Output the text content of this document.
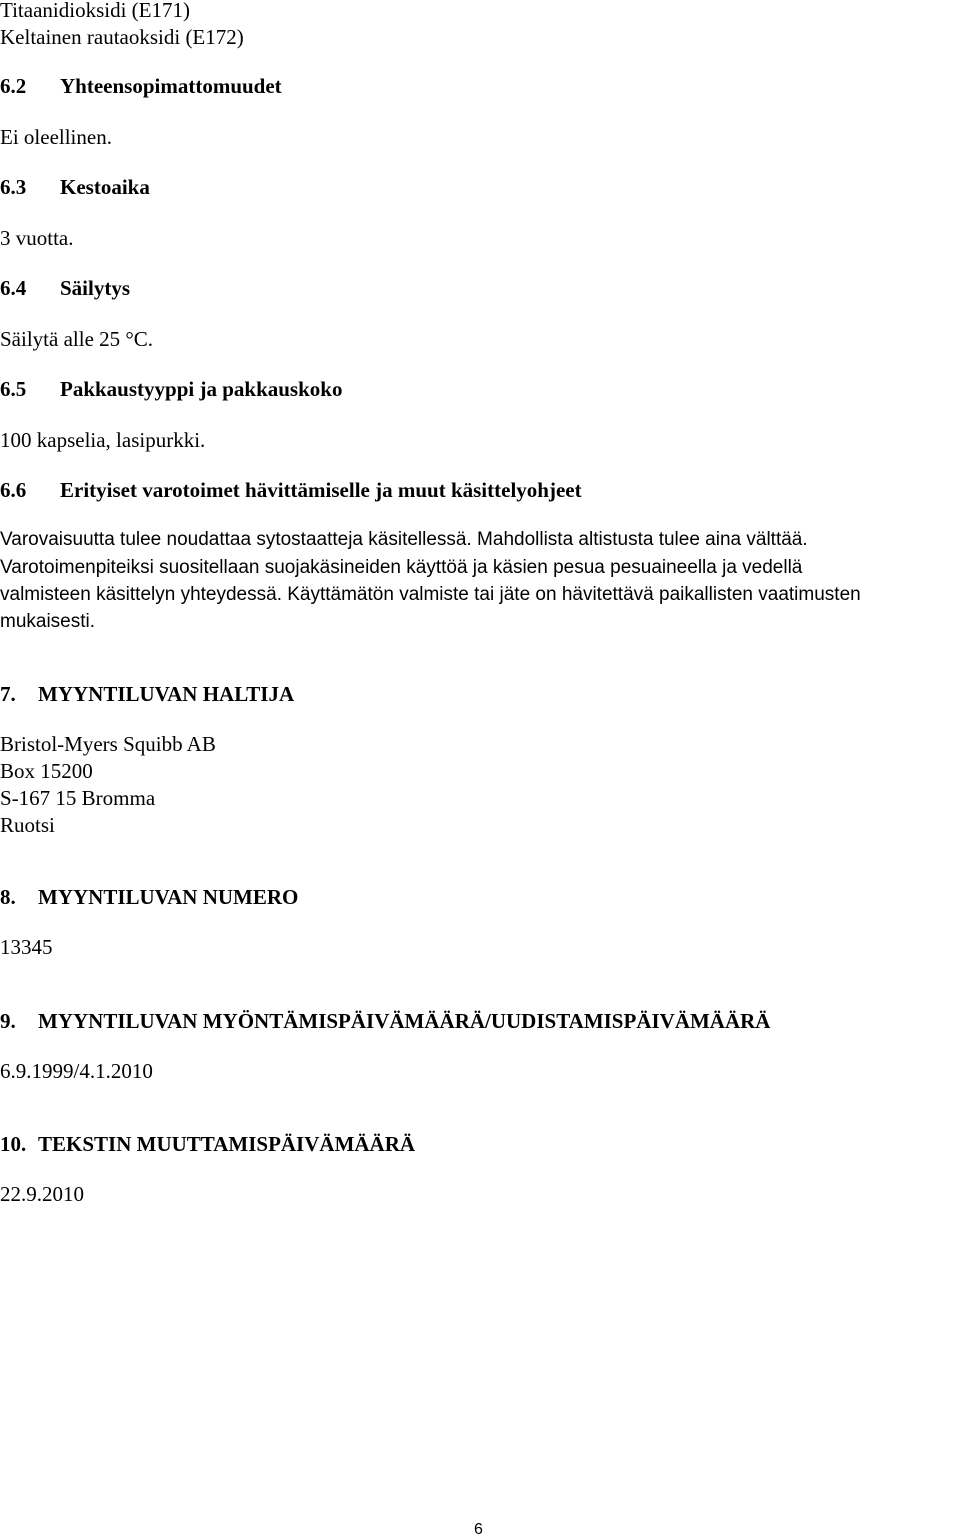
Titaanidioksidi (E171)
Keltainen rautaoksidi (E172)
6.2 Yhteensopimattomuudet
Ei oleellinen.
6.3 Kestoaika
3 vuotta.
6.4 Säilytys
Säilytä alle 25 °C.
6.5 Pakkaustyyppi ja pakkauskoko
100 kapselia, lasipurkki.
6.6 Erityiset varotoimet hävittämiselle ja muut käsittelyohjeet
Varovaisuutta tulee noudattaa sytostaatteja käsitellessä. Mahdollista altistusta tulee aina välttää.
Varotoimenpiteiksi suositellaan suojakäsineiden käyttöä ja käsien pesua pesuaineella ja vedellä
valmisteen käsittelyn yhteydessä. Käyttämätön valmiste tai jäte on hävitettävä paikallisten vaatimusten
mukaisesti.
7. MYYNTILUVAN HALTIJA
Bristol-Myers Squibb AB
Box 15200
S-167 15 Bromma
Ruotsi
8. MYYNTILUVAN NUMERO
13345
9. MYYNTILUVAN MYÖNTÄMISPÄIVÄMÄÄRÄ/UUDISTAMISPÄIVÄMÄÄRÄ
6.9.1999/4.1.2010
10. TEKSTIN MUUTTAMISPÄIVÄMÄÄRÄ
22.9.2010
6
